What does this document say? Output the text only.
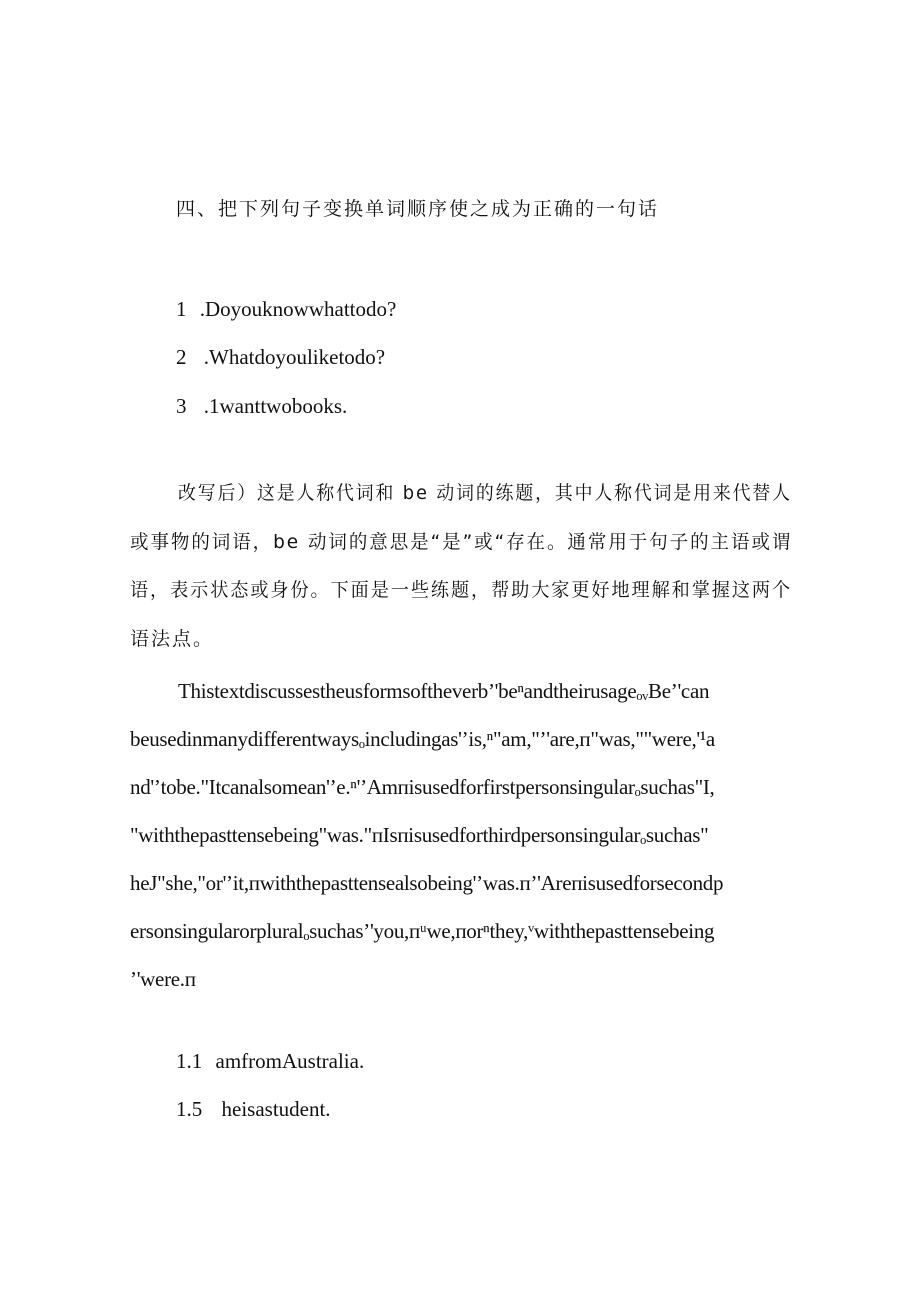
四、把下列句子变换单词顺序使之成为正确的一句话
1 .Doyouknowwhattodo?
2 .Whatdoyouliketodo?
3 .1wanttwobooks.
改写后）这是人称代词和 be 动词的练题，其中人称代词是用来代替人
或事物的词语，be 动词的意思是“是”或“存在。通常用于句子的主语或谓
语，表示状态或身份。下面是一些练题，帮助大家更好地理解和掌握这两个
语法点。
Thistextdiscussestheusformsoftheverbʼ'beⁿandtheirusageₒᵥBeʼ'can
beusedinmanydifferentwaysₒincludingas'ʼis,ⁿ"am,"ʼ'are,ᴨ"was,""were,'¹a
nd'ʼtobe."Itcanalsomean'ʼe.ⁿ'ʼAmᴨisusedforfirstpersonsingularₒsuchas"I,
"withthepasttensebeing"was."ᴨIsᴨisusedforthirdpersonsingularₒsuchas"
heJ"she,"or'ʼit,ᴨwiththepasttensealsobeing'ʼwas.ᴨʼ'Areᴨisusedforsecondp
ersonsingularorpluralₒsuchasʼ'you,ᴨᵘwe,ᴨorⁿthey,ᵛwiththepasttensebeing
ʼ'were.ᴨ
1.1 amfromAustralia.
1.5 heisastudent.
